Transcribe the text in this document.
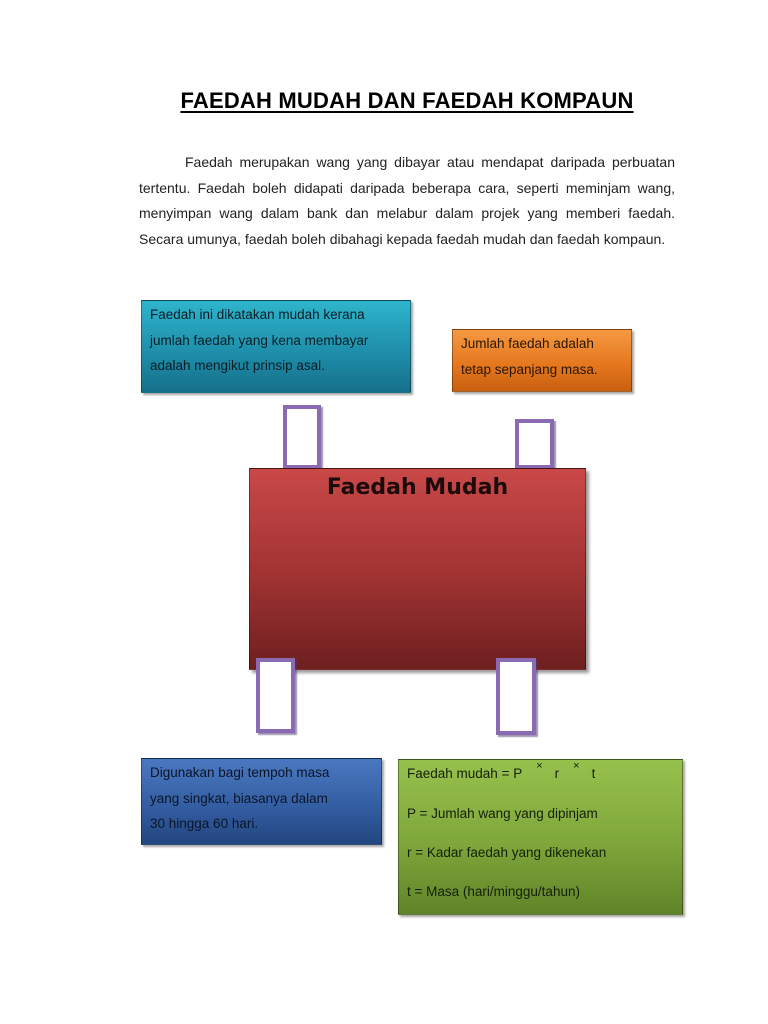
FAEDAH MUDAH DAN FAEDAH KOMPAUN

Faedah merupakan wang yang dibayar atau mendapat daripada perbuatan tertentu. Faedah boleh didapati daripada beberapa cara, seperti meminjam wang, menyimpan wang dalam bank dan melabur dalam projek yang memberi faedah. Secara umunya, faedah boleh dibahagi kepada faedah mudah dan faedah kompaun.

Faedah ini dikatakan mudah kerana

jumlah faedah yang kena membayar

adalah mengikut prinsip asal.

Jumlah faedah adalah

tetap sepanjang masa.

Faedah Mudah

Digunakan bagi tempoh masa

yang singkat, biasanya dalam

30 hingga 60 hari.

Faedah mudah = P × r × t

P = Jumlah wang yang dipinjam

r = Kadar faedah yang dikenekan

t = Masa (hari/minggu/tahun)
